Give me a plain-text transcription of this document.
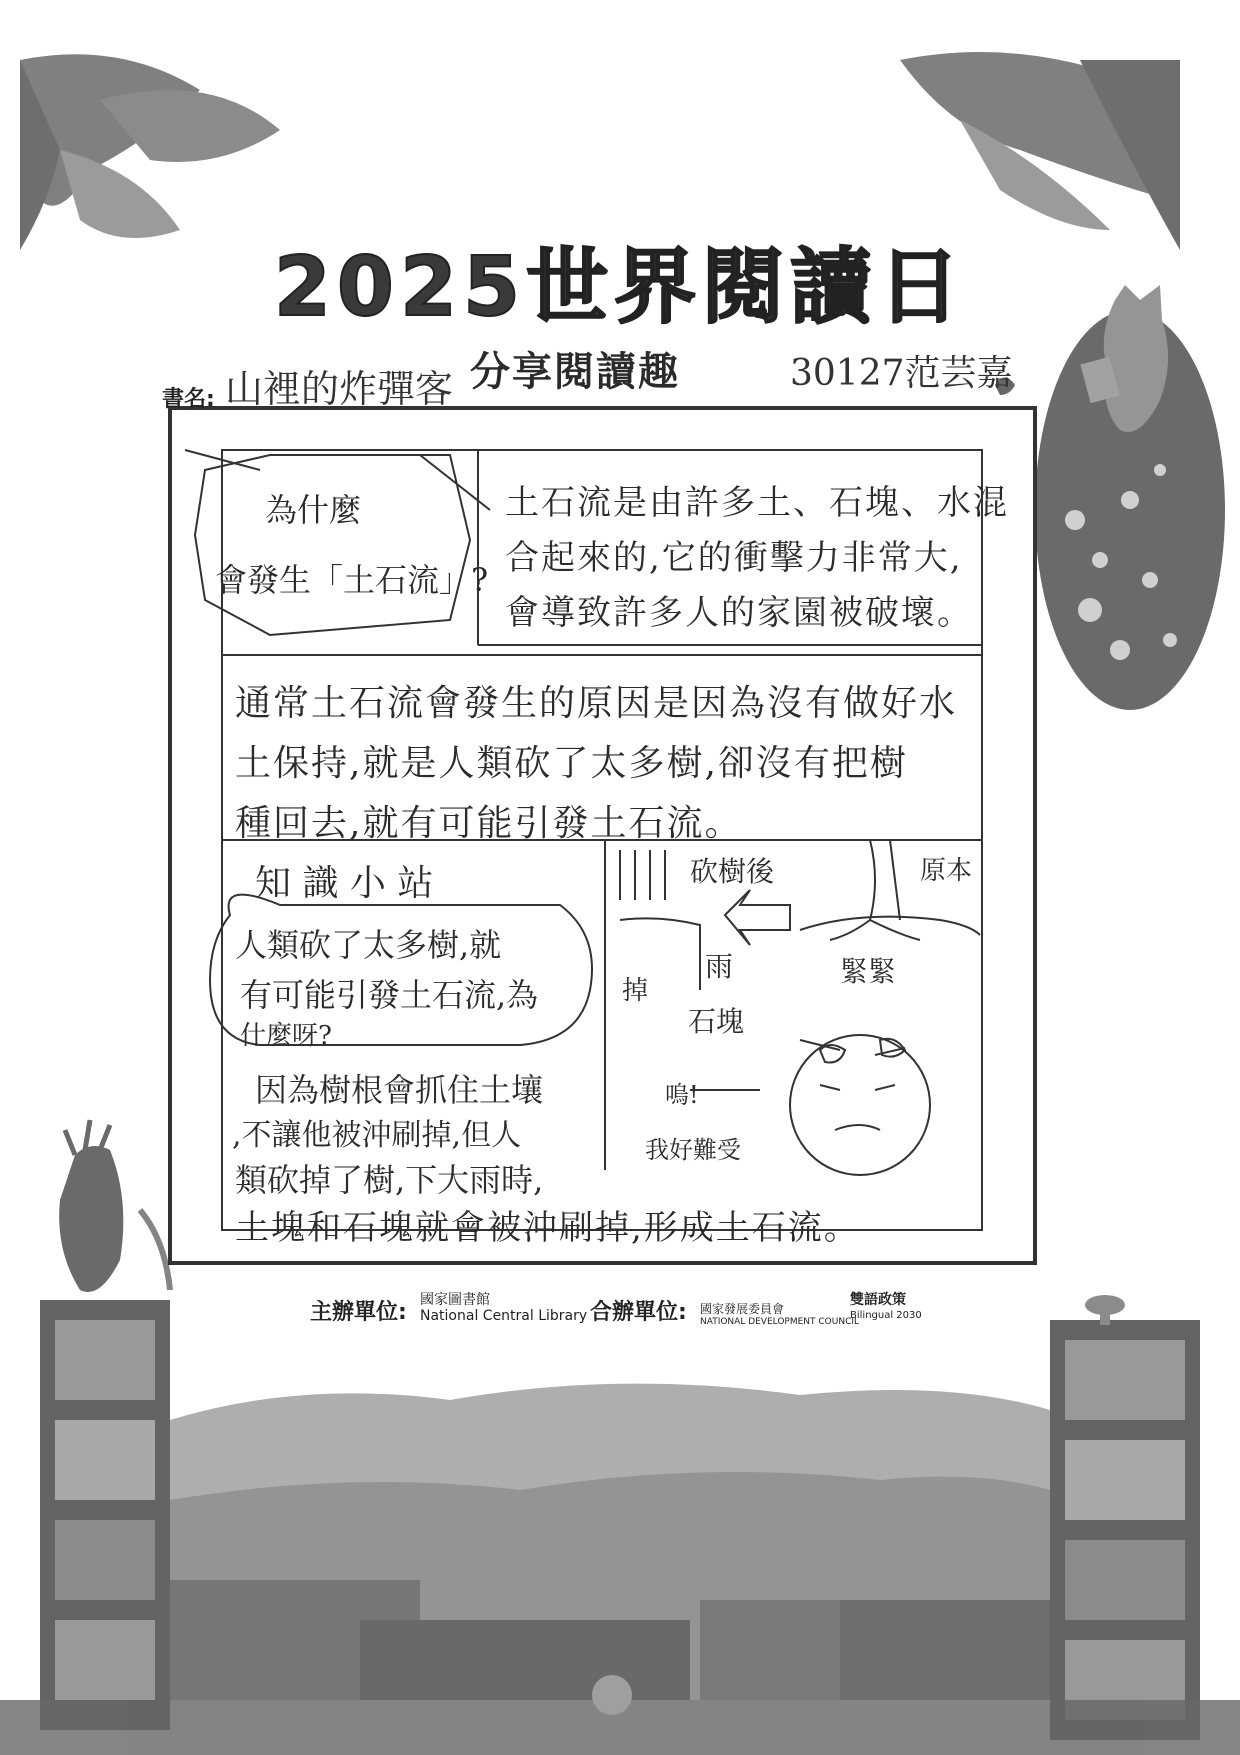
2025世界閱讀日
分享閱讀趣
書名: 山裡的炸彈客	30127范芸嘉
為什麼
會發生「土石流」?
土石流是由許多土、石塊、水混
合起來的,它的衝擊力非常大,
會導致許多人的家園被破壞。
通常土石流會發生的原因是因為沒有做好水
土保持,就是人類砍了太多樹,卻沒有把樹
種回去,就有可能引發土石流。
知 識 小 站
人類砍了太多樹,就
有可能引發土石流,為
什麼呀?
因為樹根會抓住土壤
,不讓他被沖刷掉,但人
類砍掉了樹,下大雨時,
土塊和石塊就會被沖刷掉,形成土石流。
砍樹後	原本
雨
掉
石塊
緊緊
嗚!
我好難受
主辦單位: 國家圖書館
National Central Library 合辦單位: 國家發展委員會
NATIONAL DEVELOPMENT COUNCIL
雙語政策
Bilingual 2030
